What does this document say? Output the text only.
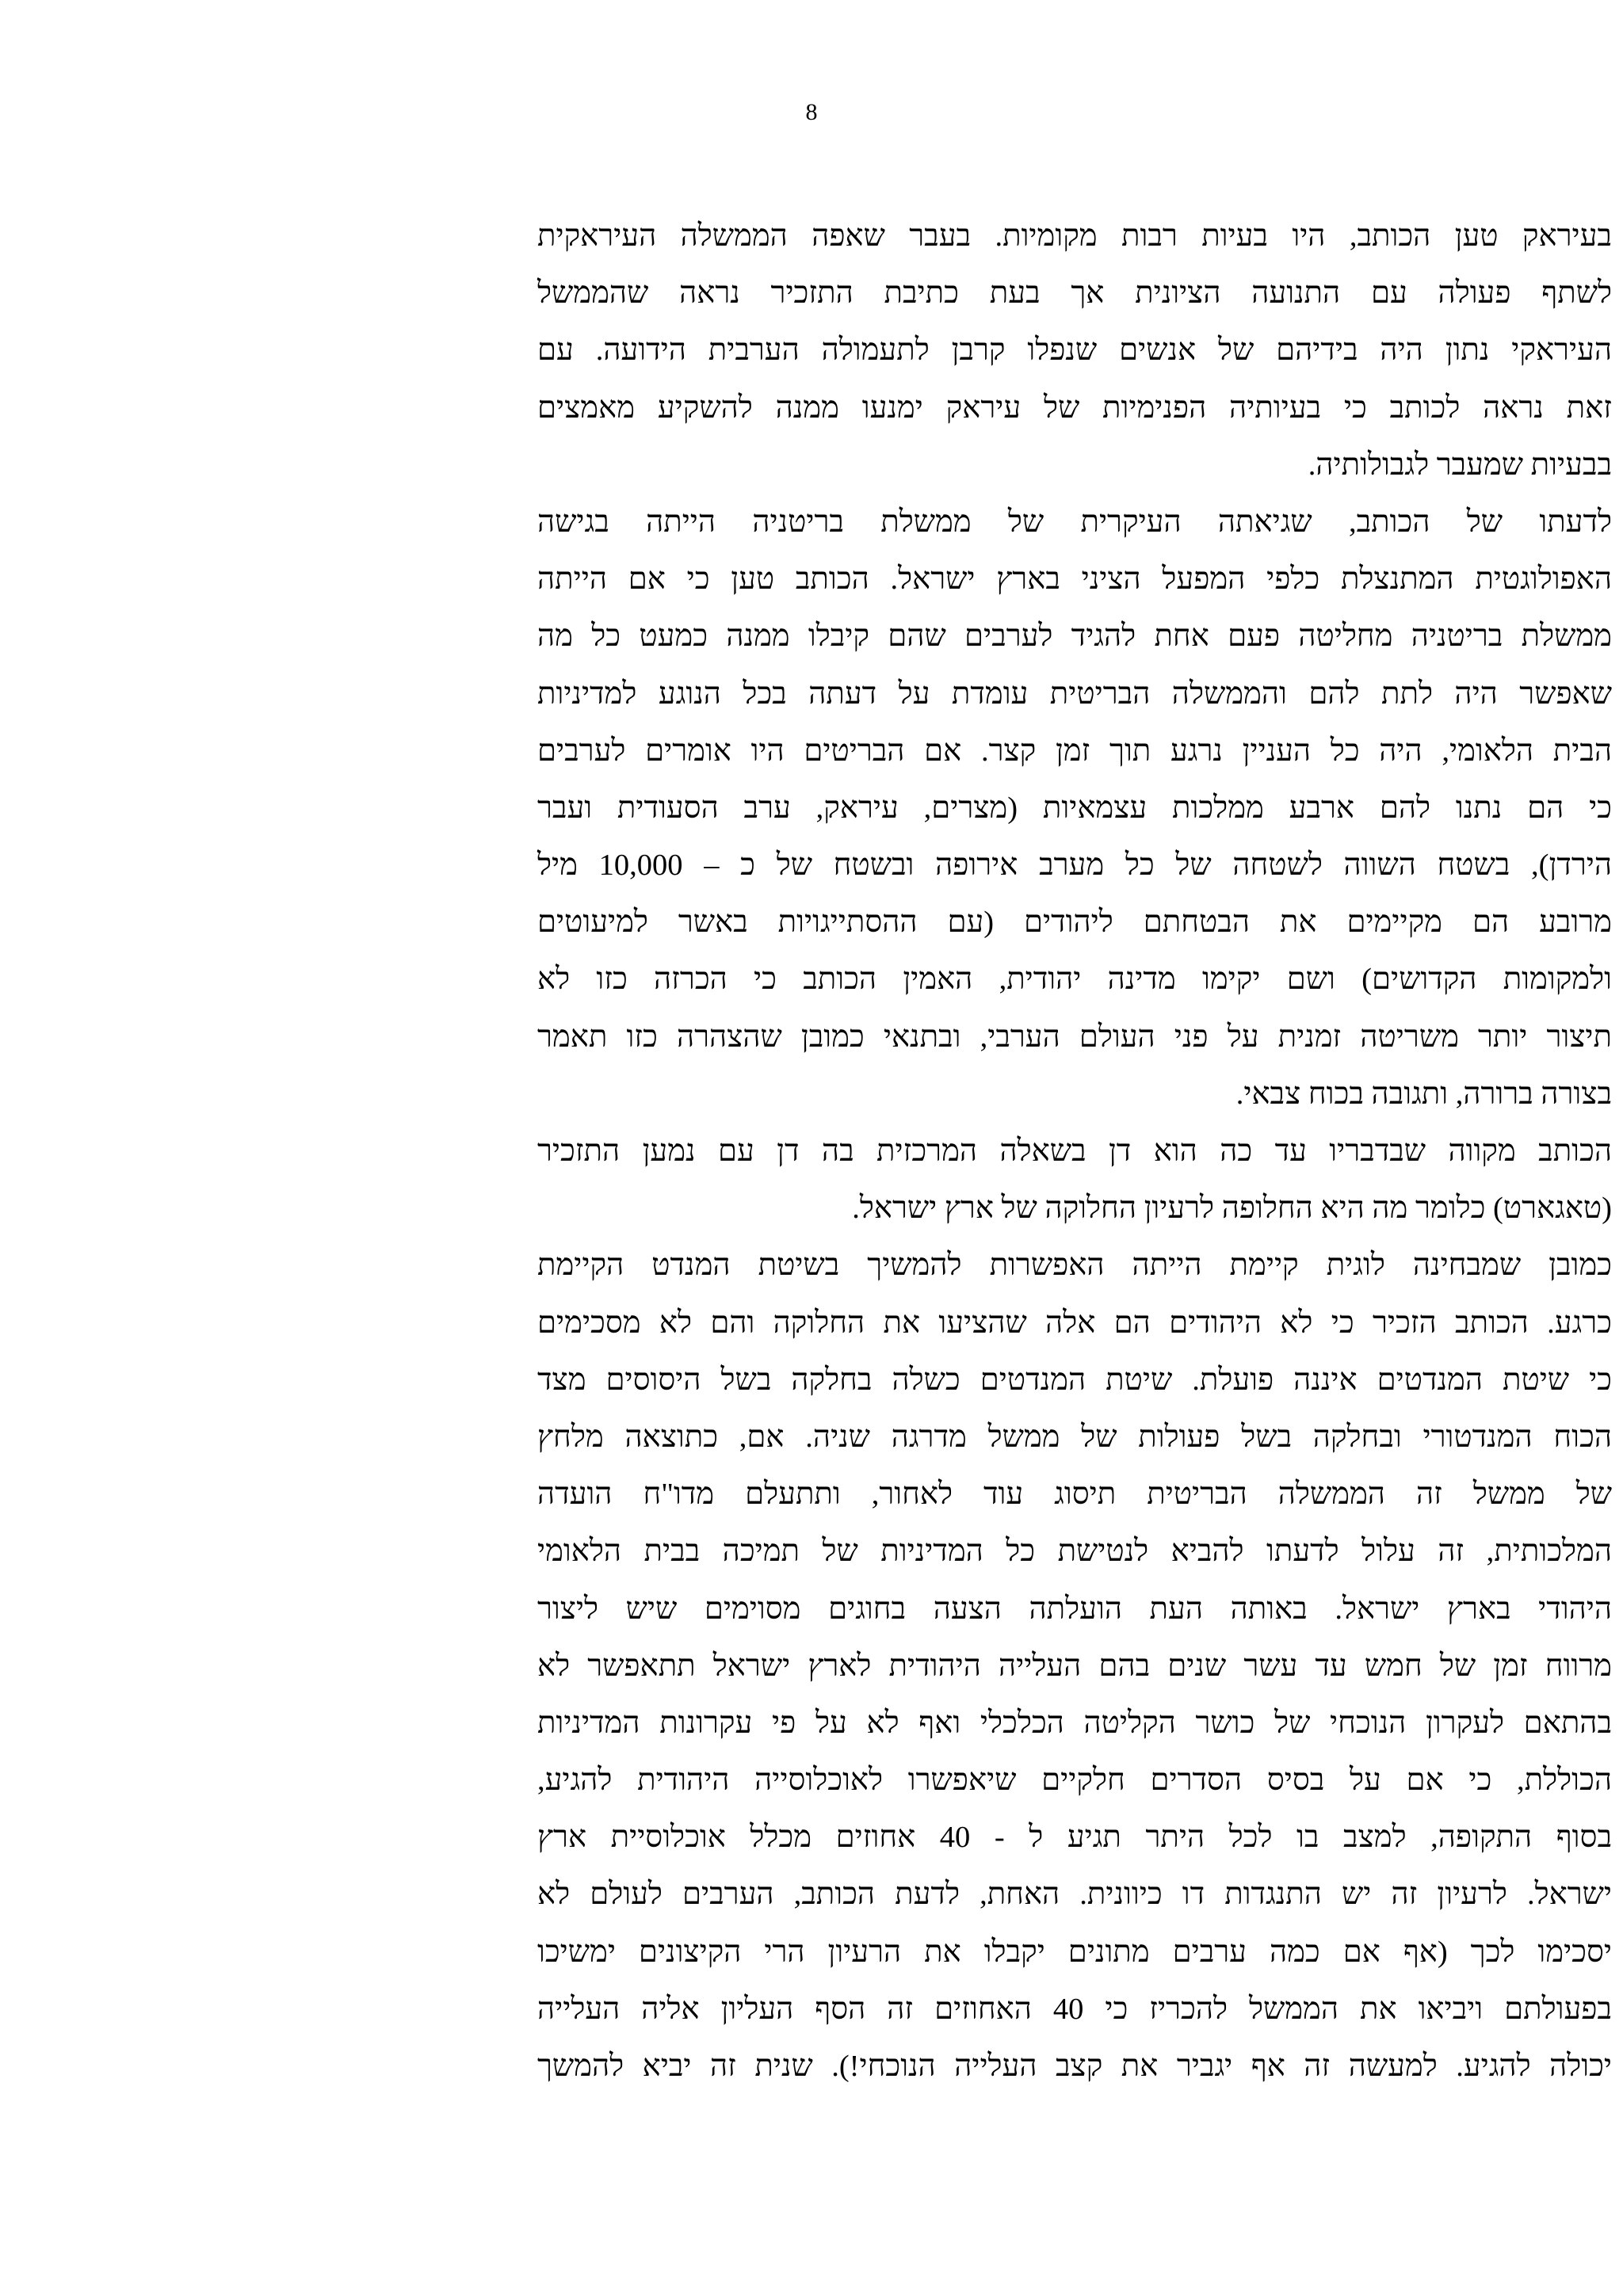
8
בעיראק טען הכותב, היו בעיות רבות מקומיות. בעבר שאפה הממשלה העיראקית
לשתף פעולה עם התנועה הציונית אך בעת כתיבת התזכיר נראה שהממשל
העיראקי נתון היה בידיהם של אנשים שנפלו קרבן לתעמולה הערבית הידועה. עם
זאת נראה לכותב כי בעיותיה הפנימיות של עיראק ימנעו ממנה להשקיע מאמצים
בבעיות שמעבר לגבולותיה.
לדעתו של הכותב, שגיאתה העיקרית של ממשלת בריטניה הייתה בגישה
האפולוגטית המתנצלת כלפי המפעל הציני בארץ ישראל. הכותב טען כי אם הייתה
ממשלת בריטניה מחליטה פעם אחת להגיד לערבים שהם קיבלו ממנה כמעט כל מה
שאפשר היה לתת להם והממשלה הבריטית עומדת על דעתה בכל הנוגע למדיניות
הבית הלאומי, היה כל העניין נרגע תוך זמן קצר. אם הבריטים היו אומרים לערבים
כי הם נתנו להם ארבע ממלכות עצמאיות (מצרים, עיראק, ערב הסעודית ועבר
הירדן), בשטח השווה לשטחה של כל מערב אירופה ובשטח של כ – 10,000 מיל
מרובע הם מקיימים את הבטחתם ליהודים (עם ההסתייגויות באשר למיעוטים
ולמקומות הקדושים) ושם יקימו מדינה יהודית, האמין הכותב כי הכרזה כזו לא
תיצור יותר משריטה זמנית על פני העולם הערבי, ובתנאי כמובן שהצהרה כזו תאמר
בצורה ברורה, ותגובה בכוח צבאי.
הכותב מקווה שבדבריו עד כה הוא דן בשאלה המרכזית בה דן עם נמען התזכיר
(טאגארט) כלומר מה היא החלופה לרעיון החלוקה של ארץ ישראל.
כמובן שמבחינה לוגית קיימת הייתה האפשרות להמשיך בשיטת המנדט הקיימת
כרגע. הכותב הזכיר כי לא היהודים הם אלה שהציעו את החלוקה והם לא מסכימים
כי שיטת המנדטים איננה פועלת. שיטת המנדטים כשלה בחלקה בשל היסוסים מצד
הכוח המנדטורי ובחלקה בשל פעולות של ממשל מדרגה שניה. אם, כתוצאה מלחץ
של ממשל זה הממשלה הבריטית תיסוג עוד לאחור, ותתעלם מדו"ח הועדה
המלכותית, זה עלול לדעתו להביא לנטישת כל המדיניות של תמיכה בבית הלאומי
היהודי בארץ ישראל. באותה העת הועלתה הצעה בחוגים מסוימים שיש ליצור
מרווח זמן של חמש עד עשר שנים בהם העלייה היהודית לארץ ישראל תתאפשר לא
בהתאם לעקרון הנוכחי של כושר הקליטה הכלכלי ואף לא על פי עקרונות המדיניות
הכוללת, כי אם על בסיס הסדרים חלקיים שיאפשרו לאוכלוסייה היהודית להגיע,
בסוף התקופה, למצב בו לכל היתר תגיע ל - 40 אחוזים מכלל אוכלוסיית ארץ
ישראל. לרעיון זה יש התנגדות דו כיוונית. האחת, לדעת הכותב, הערבים לעולם לא
יסכימו לכך (אף אם כמה ערבים מתונים יקבלו את הרעיון הרי הקיצונים ימשיכו
בפעולתם ויביאו את הממשל להכריז כי 40 האחוזים זה הסף העליון אליה העלייה
יכולה להגיע. למעשה זה אף יגביר את קצב העלייה הנוכחי!). שנית זה יביא להמשך
